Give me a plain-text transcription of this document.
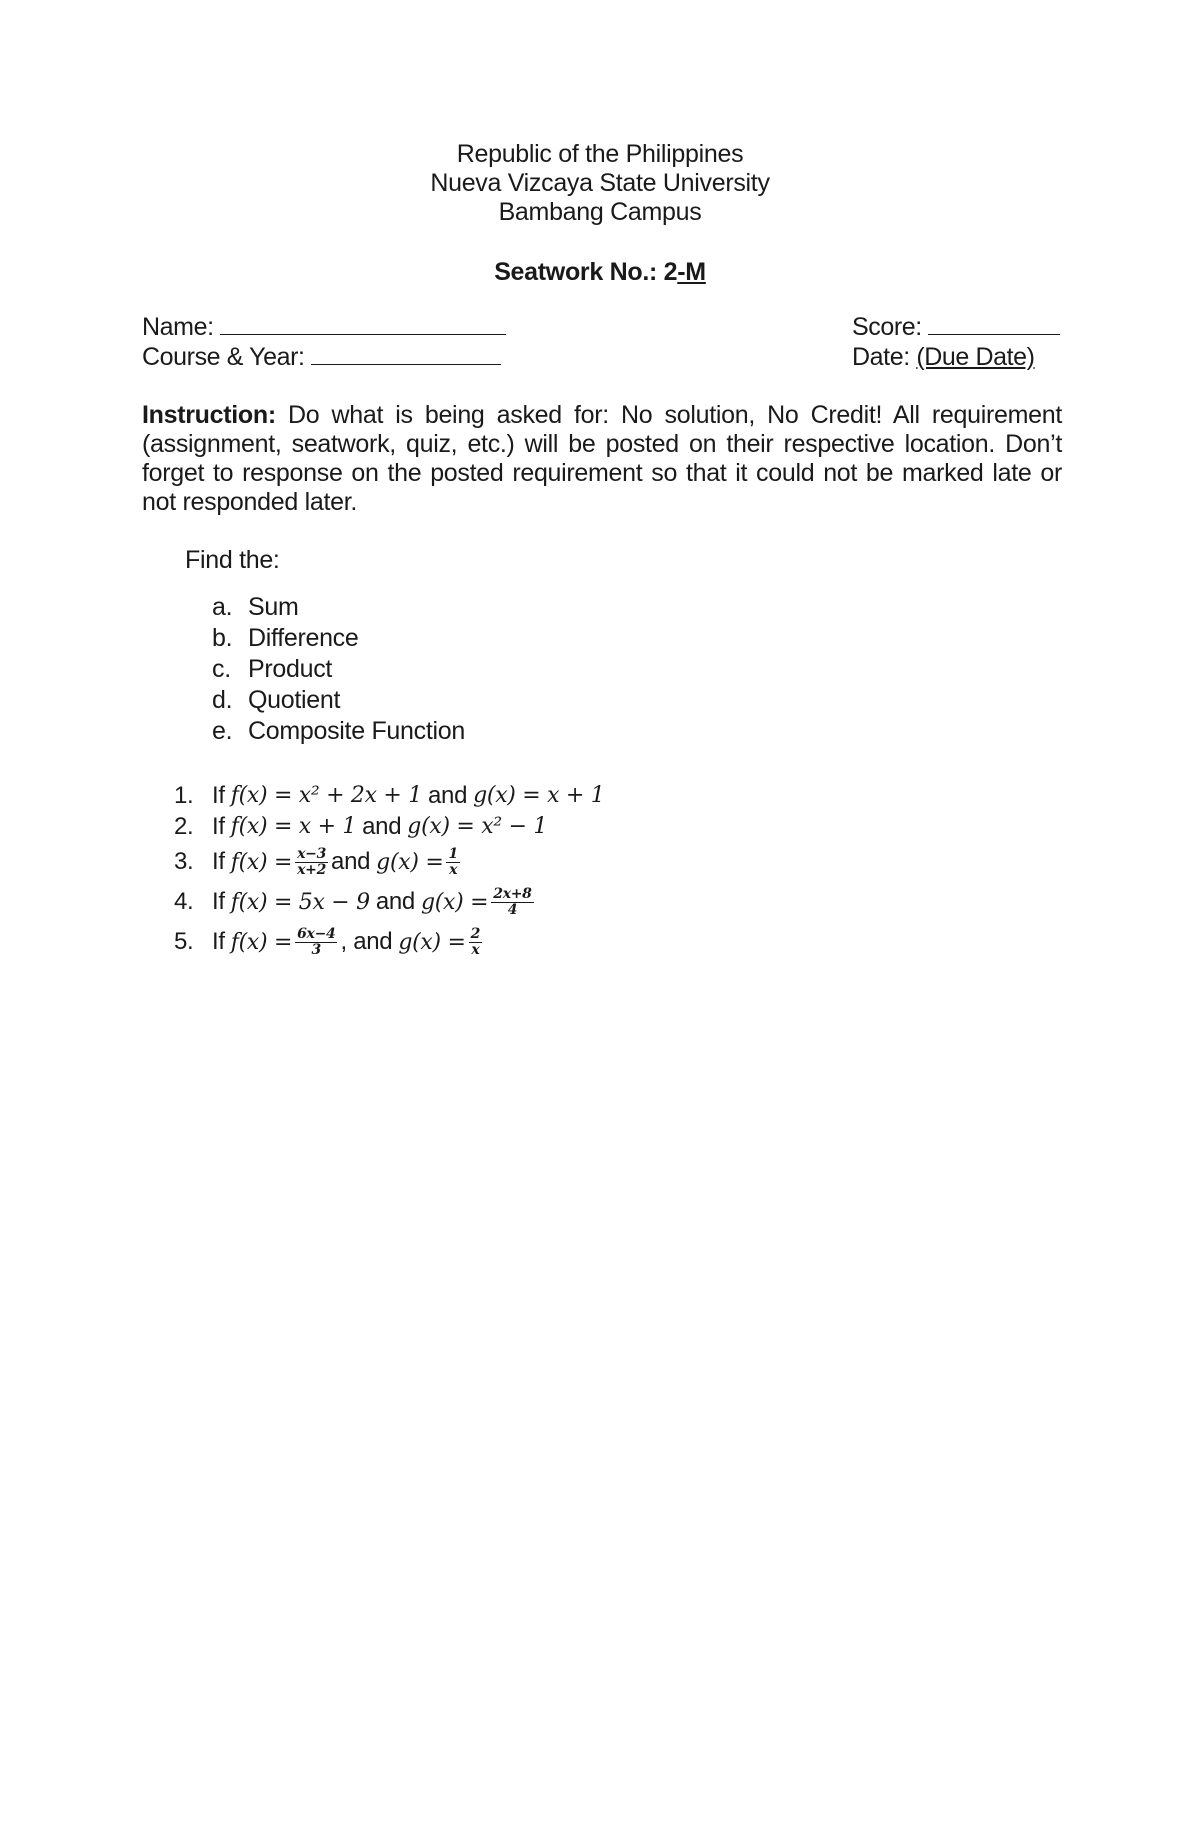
Republic of the Philippines
Nueva Vizcaya State University
Bambang Campus
Seatwork No.: 2-M
Name:	Score:
Course & Year:	Date: (Due Date)
Instruction: Do what is being asked for: No solution, No Credit! All requirement (assignment, seatwork, quiz, etc.) will be posted on their respective location. Don’t forget to response on the posted requirement so that it could not be marked late or not responded later.
Find the:
a. Sum
b. Difference
c. Product
d. Quotient
e. Composite Function
1. If f(x) = x² + 2x + 1 and g(x) = x + 1
2. If f(x) = x + 1 and g(x) = x² − 1
3. If $f(x) = \frac{x-3}{x+2}$ and $g(x) = \frac{1}{x}$
4. If f(x) = 5x − 9 and $g(x) = \frac{2x+8}{4}$
5. If $f(x) = \frac{6x-4}{3}$ , and $g(x) = \frac{2}{x}$
